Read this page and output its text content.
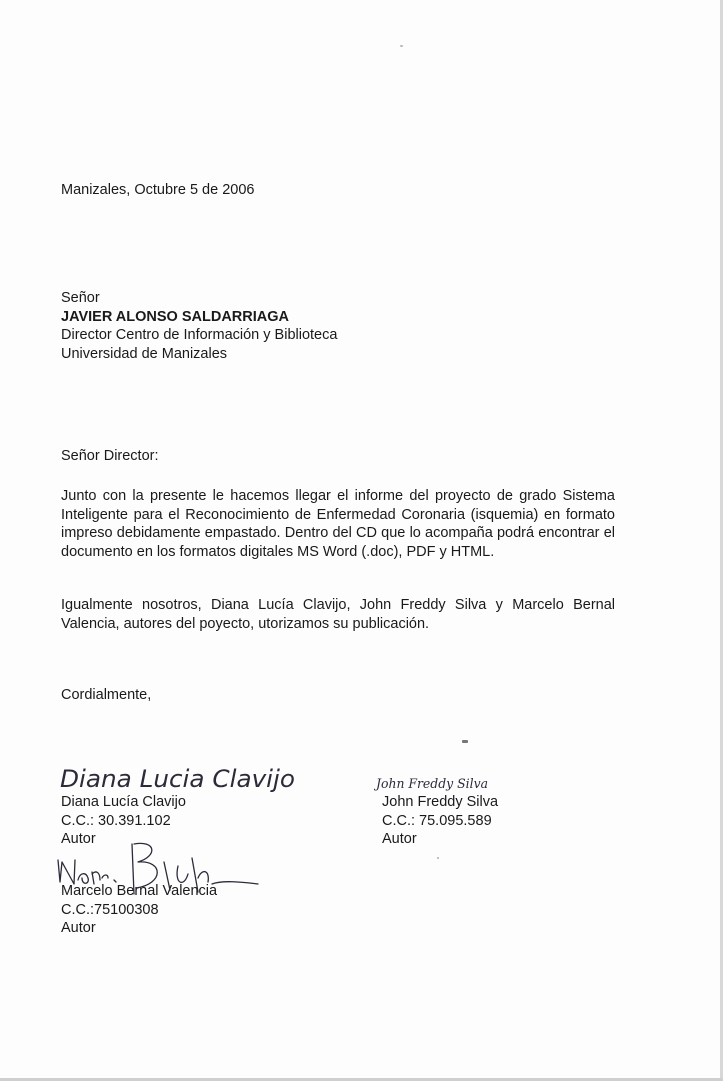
Manizales, Octubre 5 de 2006
Señor
JAVIER ALONSO SALDARRIAGA
Director Centro de Información y Biblioteca
Universidad de Manizales
Señor Director:
Junto con la presente le hacemos llegar el informe del proyecto de grado Sistema Inteligente para el Reconocimiento de Enfermedad Coronaria (isquemia) en formato impreso debidamente empastado. Dentro del CD que lo acompaña podrá encontrar el documento en los formatos digitales MS Word (.doc), PDF y HTML.
Igualmente nosotros, Diana Lucía Clavijo, John Freddy Silva y Marcelo Bernal Valencia, autores del poyecto, utorizamos su publicación.
Cordialmente,
Diana Lucia Clavijo	John Freddy Silva
Diana Lucía Clavijo
C.C.: 30.391.102
Autor
John Freddy Silva
C.C.: 75.095.589
Autor
Marcelo Bernal Valencia
C.C.:75100308
Autor
